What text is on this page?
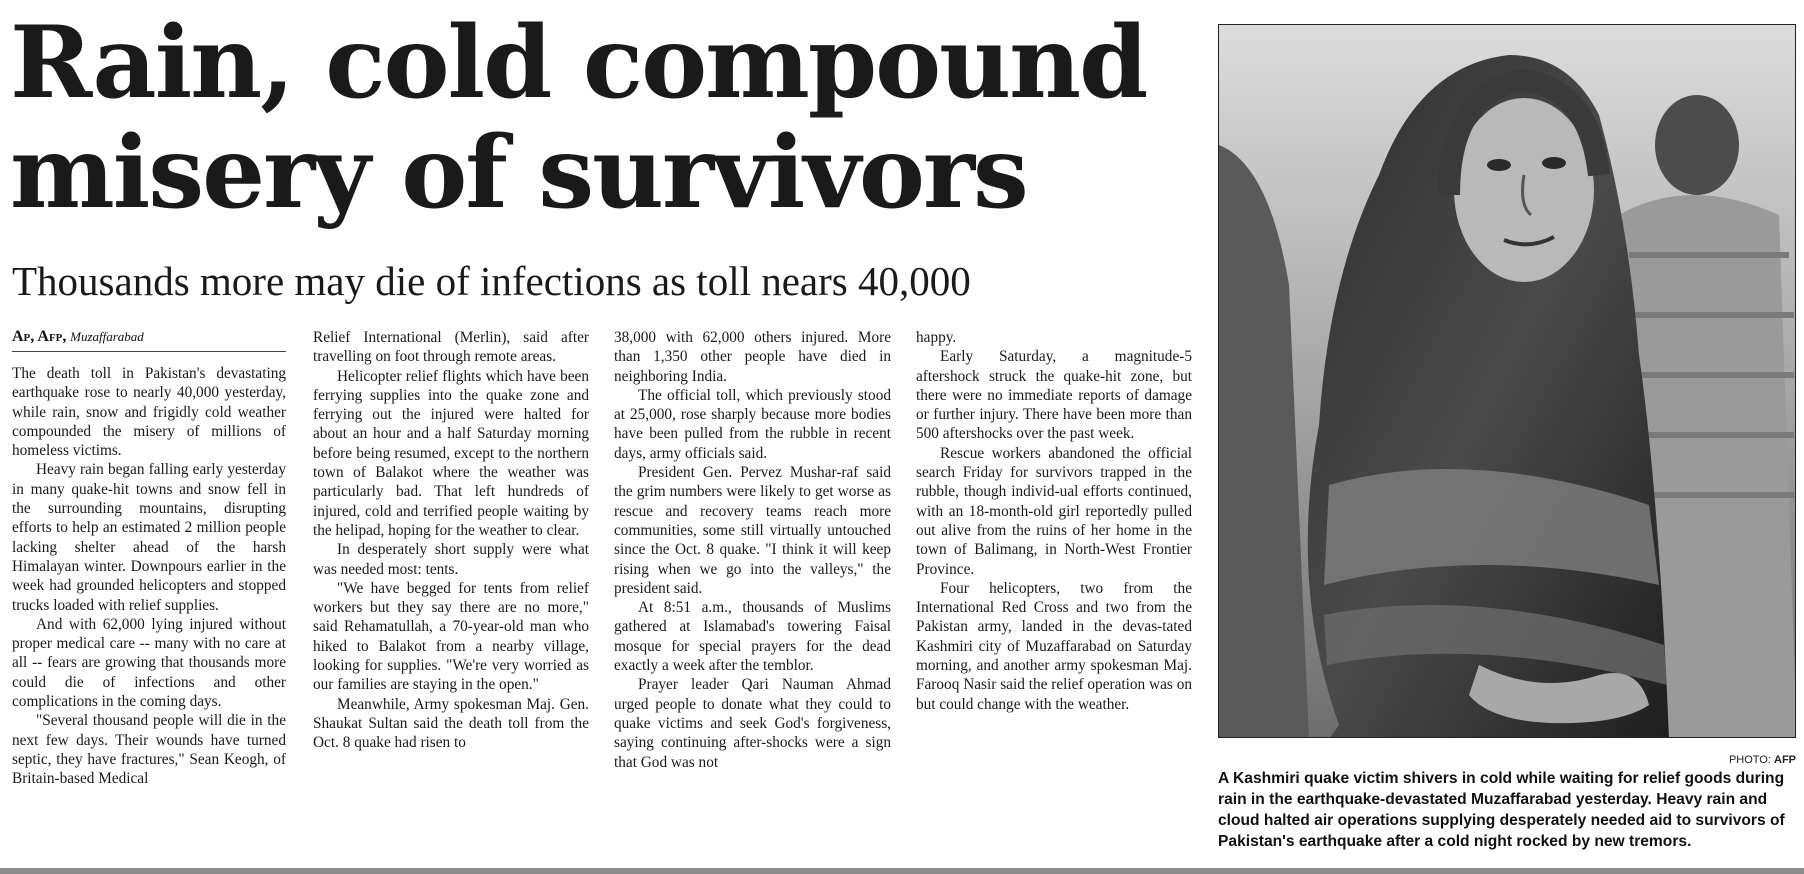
Rain, cold compound misery of survivors
Thousands more may die of infections as toll nears 40,000
Ap, Afp, Muzaffarabad

The death toll in Pakistan's devastating earthquake rose to nearly 40,000 yesterday, while rain, snow and frigidly cold weather compounded the misery of millions of homeless victims.

Heavy rain began falling early yesterday in many quake-hit towns and snow fell in the surrounding mountains, disrupting efforts to help an estimated 2 million people lacking shelter ahead of the harsh Himalayan winter. Downpours earlier in the week had grounded helicopters and stopped trucks loaded with relief supplies.

And with 62,000 lying injured without proper medical care -- many with no care at all -- fears are growing that thousands more could die of infections and other complications in the coming days.

"Several thousand people will die in the next few days. Their wounds have turned septic, they have fractures," Sean Keogh, of Britain-based Medical

Relief International (Merlin), said after travelling on foot through remote areas.

Helicopter relief flights which have been ferrying supplies into the quake zone and ferrying out the injured were halted for about an hour and a half Saturday morning before being resumed, except to the northern town of Balakot where the weather was particularly bad. That left hundreds of injured, cold and terrified people waiting by the helipad, hoping for the weather to clear.

In desperately short supply were what was needed most: tents.

"We have begged for tents from relief workers but they say there are no more," said Rehamatullah, a 70-year-old man who hiked to Balakot from a nearby village, looking for supplies. "We're very worried as our families are staying in the open."

Meanwhile, Army spokesman Maj. Gen. Shaukat Sultan said the death toll from the Oct. 8 quake had risen to

38,000 with 62,000 others injured. More than 1,350 other people have died in neighboring India.

The official toll, which previously stood at 25,000, rose sharply because more bodies have been pulled from the rubble in recent days, army officials said.

President Gen. Pervez Mushar-raf said the grim numbers were likely to get worse as rescue and recovery teams reach more communities, some still virtually untouched since the Oct. 8 quake. "I think it will keep rising when we go into the valleys," the president said.

At 8:51 a.m., thousands of Muslims gathered at Islamabad's towering Faisal mosque for special prayers for the dead exactly a week after the temblor.

Prayer leader Qari Nauman Ahmad urged people to donate what they could to quake victims and seek God's forgiveness, saying continuing after-shocks were a sign that God was not

happy.

Early Saturday, a magnitude-5 aftershock struck the quake-hit zone, but there were no immediate reports of damage or further injury. There have been more than 500 aftershocks over the past week.

Rescue workers abandoned the official search Friday for survivors trapped in the rubble, though individ-ual efforts continued, with an 18-month-old girl reportedly pulled out alive from the ruins of her home in the town of Balimang, in North-West Frontier Province.

Four helicopters, two from the International Red Cross and two from the Pakistan army, landed in the devas-tated Kashmiri city of Muzaffarabad on Saturday morning, and another army spokesman Maj. Farooq Nasir said the relief operation was on but could change with the weather.

PHOTO: AFP
A Kashmiri quake victim shivers in cold while waiting for relief goods during rain in the earthquake-devastated Muzaffarabad yesterday. Heavy rain and cloud halted air operations supplying desperately needed aid to survivors of Pakistan's earthquake after a cold night rocked by new tremors.
